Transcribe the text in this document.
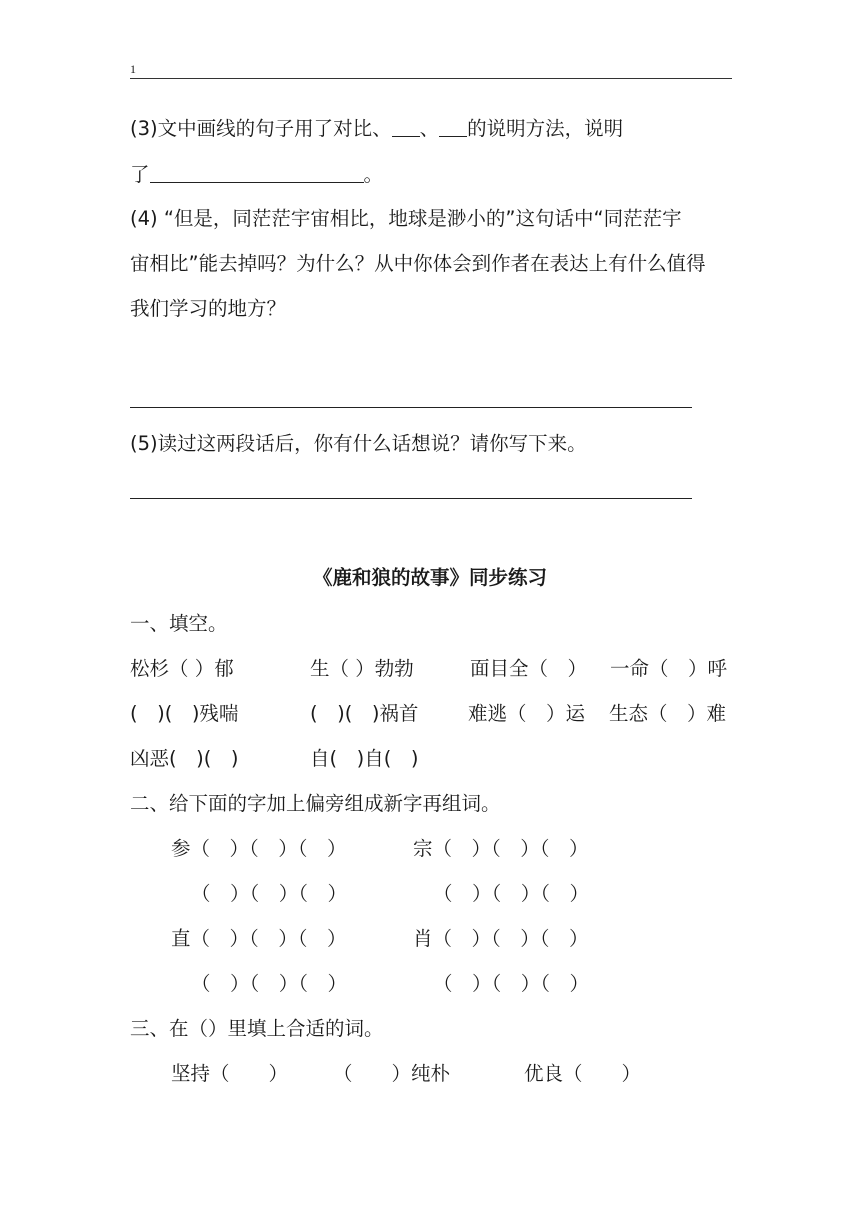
1
(3)文中画线的句子用了对比、 、 的说明方法，说明
了	。
(4) “但是，同茫茫宇宙相比，地球是渺小的”这句话中“同茫茫宇
宙相比”能去掉吗？为什么？从中你体会到作者在表达上有什么值得
我们学习的地方？
(5)读过这两段话后，你有什么话想说？请你写下来。
《鹿和狼的故事》同步练习
一、填空。
松杉（ ）郁	生（ ）勃勃	面目全（　） 一命（　）呼
(　)(　)残喘	(　)(　)祸首	难逃（　）运 生态（　）难
凶恶(　)(　)	自(　)自(　)
二、给下面的字加上偏旁组成新字再组词。
参（　）（　）（　）	宗（　）（　）（　）
（　）（　）（　）	（　）（　）（　）
直（　）（　）（　）	肖（　）（　）（　）
（　）（　）（　）	（　）（　）（　）
三、在（）里填上合适的词。
坚持（　　） （　　）纯朴	优良（　　）
